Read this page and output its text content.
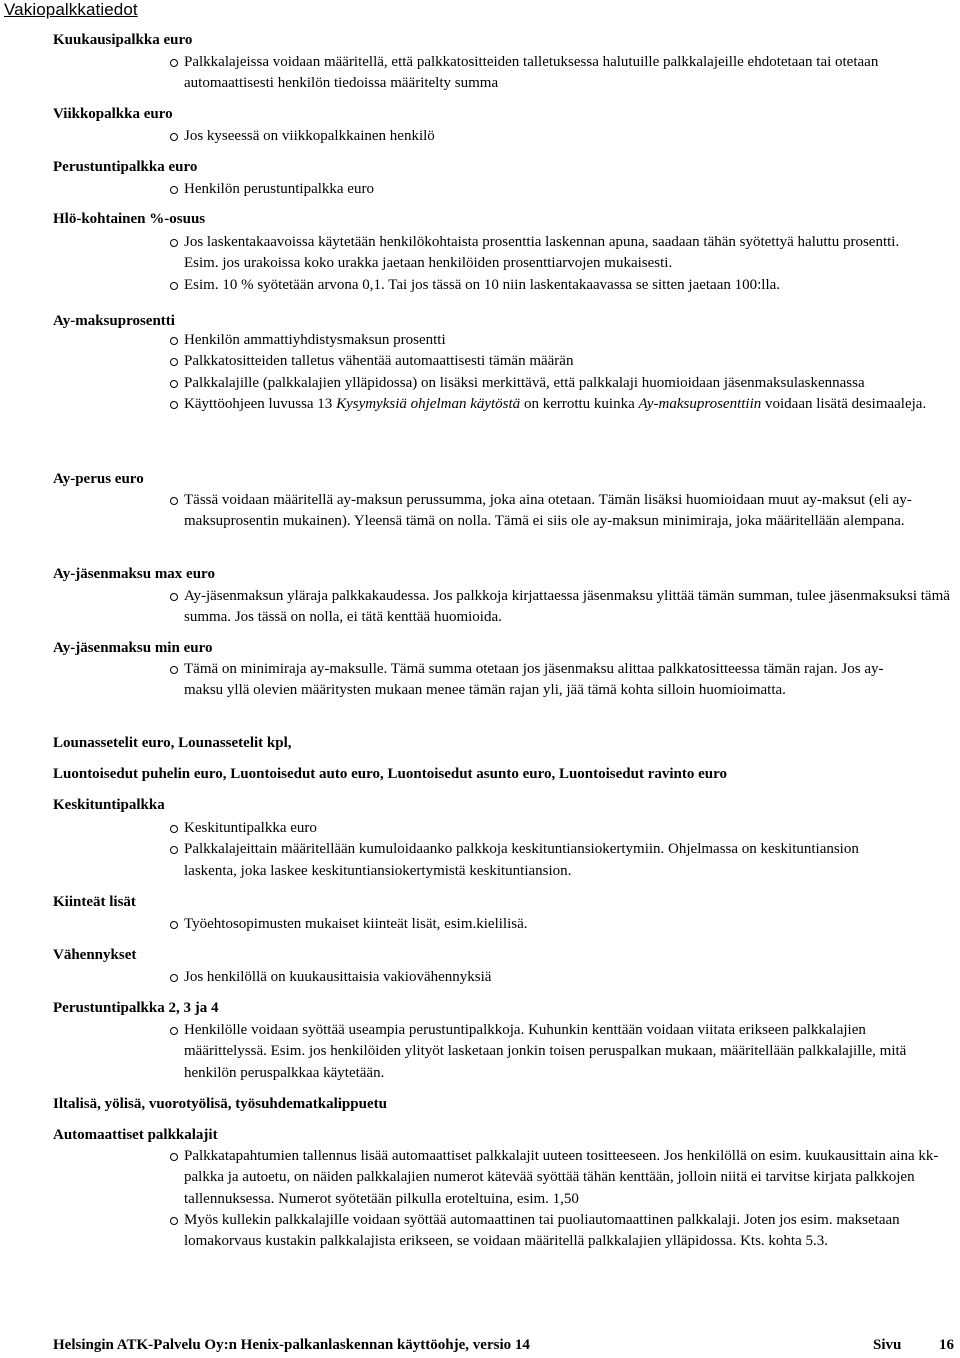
Vakiopalkkatiedot
Kuukausipalkka euro
Palkkalajeissa voidaan määritellä, että palkkatositteiden talletuksessa halutuille palkkalajeille ehdotetaan tai otetaan automaattisesti henkilön tiedoissa määritelty summa
Viikkopalkka euro
Jos kyseessä on viikkopalkkainen henkilö
Perustuntipalkka euro
Henkilön perustuntipalkka euro
Hlö-kohtainen %-osuus
Jos laskentakaavoissa käytetään henkilökohtaista prosenttia laskennan apuna, saadaan tähän syötettyä haluttu prosentti. Esim. jos urakoissa koko urakka jaetaan henkilöiden prosenttiarvojen mukaisesti.
Esim. 10 % syötetään arvona 0,1. Tai jos tässä on 10 niin laskentakaavassa se sitten jaetaan 100:lla.
Ay-maksuprosentti
Henkilön ammattiyhdistysmaksun prosentti
Palkkatositteiden talletus vähentää automaattisesti tämän määrän
Palkkalajille (palkkalajien ylläpidossa) on lisäksi merkittävä, että palkkalaji huomioidaan jäsenmaksulaskennassa
Käyttöohjeen luvussa 13 Kysymyksiä ohjelman käytöstä on kerrottu kuinka Ay-maksuprosenttiin voidaan lisätä desimaaleja.
Ay-perus euro
Tässä voidaan määritellä ay-maksun perussumma, joka aina otetaan. Tämän lisäksi huomioidaan muut ay-maksut (eli ay-maksuprosentin mukainen). Yleensä tämä on nolla. Tämä ei siis ole ay-maksun minimiraja, joka määritellään alempana.
Ay-jäsenmaksu max euro
Ay-jäsenmaksun yläraja palkkakaudessa. Jos palkkoja kirjattaessa jäsenmaksu ylittää tämän summan, tulee jäsenmaksuksi tämä summa. Jos tässä on nolla, ei tätä kenttää huomioida.
Ay-jäsenmaksu min euro
Tämä on minimiraja ay-maksulle. Tämä summa otetaan jos jäsenmaksu alittaa palkkatositteessa tämän rajan. Jos ay-maksu yllä olevien määritysten mukaan menee tämän rajan yli, jää tämä kohta silloin huomioimatta.
Lounassetelit euro, Lounassetelit kpl,
Luontoisedut puhelin euro, Luontoisedut auto euro, Luontoisedut asunto euro, Luontoisedut ravinto euro
Keskituntipalkka
Keskituntipalkka euro
Palkkalajeittain määritellään kumuloidaanko palkkoja keskituntiansiokertymiin. Ohjelmassa on keskituntiansion laskenta, joka laskee keskituntiansiokertymistä keskituntiansion.
Kiinteät lisät
Työehtosopimusten mukaiset kiinteät lisät, esim.kielilisä.
Vähennykset
Jos henkilöllä on kuukausittaisia vakiovähennyksiä
Perustuntipalkka 2, 3 ja 4
Henkilölle voidaan syöttää useampia perustuntipalkkoja. Kuhunkin kenttään voidaan viitata erikseen palkkalajien määrittelyssä. Esim. jos henkilöiden ylityöt lasketaan jonkin toisen peruspalkan mukaan, määritellään palkkalajille, mitä henkilön peruspalkkaa käytetään.
Iltalisä, yölisä, vuorotyölisä, työsuhdematkalippuetu
Automaattiset palkkalajit
Palkkatapahtumien tallennus lisää automaattiset palkkalajit uuteen tositteeseen. Jos henkilöllä on esim. kuukausittain aina kk-palkka ja autoetu, on näiden palkkalajien numerot kätevää syöttää tähän kenttään, jolloin niitä ei tarvitse kirjata palkkojen tallennuksessa. Numerot syötetään pilkulla eroteltuina, esim. 1,50
Myös kullekin palkkalajille voidaan syöttää automaattinen tai puoliautomaattinen palkkalaji. Joten jos esim. maksetaan lomakorvaus kustakin palkkalajista erikseen, se voidaan määritellä palkkalajien ylläpidossa. Kts. kohta 5.3.
Helsingin ATK-Palvelu Oy:n Henix-palkanlaskennan käyttöohje, versio 14	Sivu	16
